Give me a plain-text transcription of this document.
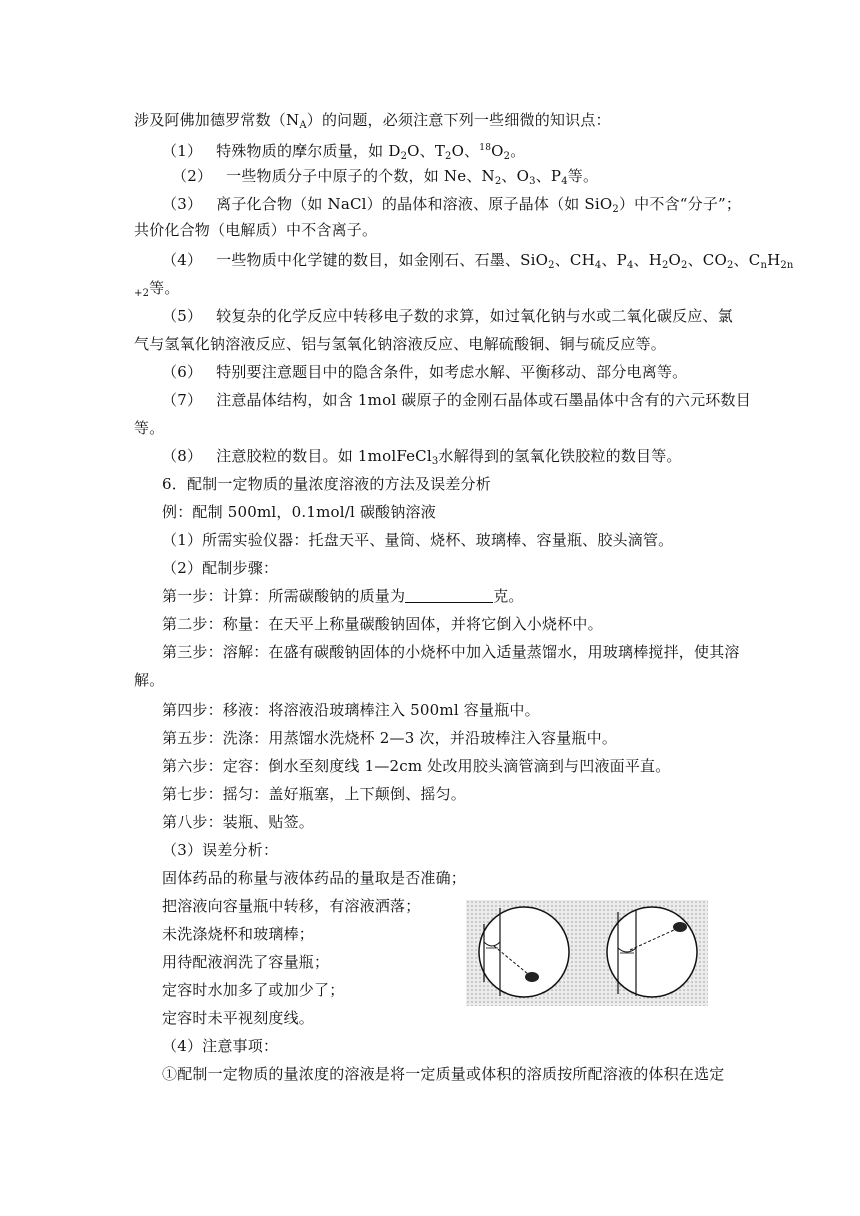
涉及阿佛加德罗常数$(N_A)$的问题，必须注意下列一些细微的知识点：
（1） 特殊物质的摩尔质量，如 $D_2O$、$T_2O$、$^{18}O_2$。
（2） 一些物质分子中原子的个数，如 Ne、$N_2$、$O_3$、$P_4$等。
（3） 离子化合物（如 NaCl）的晶体和溶液、原子晶体（如 SiO$_2$）中不含“分子”；
共价化合物（电解质）中不含离子。
（4） 一些物质中化学键的数目，如金刚石、石墨、SiO$_2$、$CH_4$、$P_4$、$H_2O_2$、$CO_2$、$C_nH_{2n}$
$_{+2}$等。
（5） 较复杂的化学反应中转移电子数的求算，如过氧化钠与水或二氧化碳反应、氯
气与氢氧化钠溶液反应、铝与氢氧化钠溶液反应、电解硫酸铜、铜与硫反应等。
（6） 特别要注意题目中的隐含条件，如考虑水解、平衡移动、部分电离等。
（7） 注意晶体结构，如含 1mol 碳原子的金刚石晶体或石墨晶体中含有的六元环数目
等。
（8） 注意胶粒的数目。如 1molFeCl$_3$水解得到的氢氧化铁胶粒的数目等。
6．配制一定物质的量浓度溶液的方法及误差分析
例：配制 500ml，0.1mol/l 碳酸钠溶液
（1）所需实验仪器：托盘天平、量筒、烧杯、玻璃棒、容量瓶、胶头滴管。
（2）配制步骤：
第一步：计算：所需碳酸钠的质量为	克。
第二步：称量：在天平上称量碳酸钠固体，并将它倒入小烧杯中。
第三步：溶解：在盛有碳酸钠固体的小烧杯中加入适量蒸馏水，用玻璃棒搅拌，使其溶
解。
第四步：移液：将溶液沿玻璃棒注入 500ml 容量瓶中。
第五步：洗涤：用蒸馏水洗烧杯 2—3 次，并沿玻棒注入容量瓶中。
第六步：定容：倒水至刻度线 1—2cm 处改用胶头滴管滴到与凹液面平直。
第七步：摇匀：盖好瓶塞，上下颠倒、摇匀。
第八步：装瓶、贴签。
（3）误差分析：
固体药品的称量与液体药品的量取是否准确；
把溶液向容量瓶中转移，有溶液洒落；
未洗涤烧杯和玻璃棒；
用待配液润洗了容量瓶；
定容时水加多了或加少了；
定容时未平视刻度线。
（4）注意事项：
①配制一定物质的量浓度的溶液是将一定质量或体积的溶质按所配溶液的体积在选定
